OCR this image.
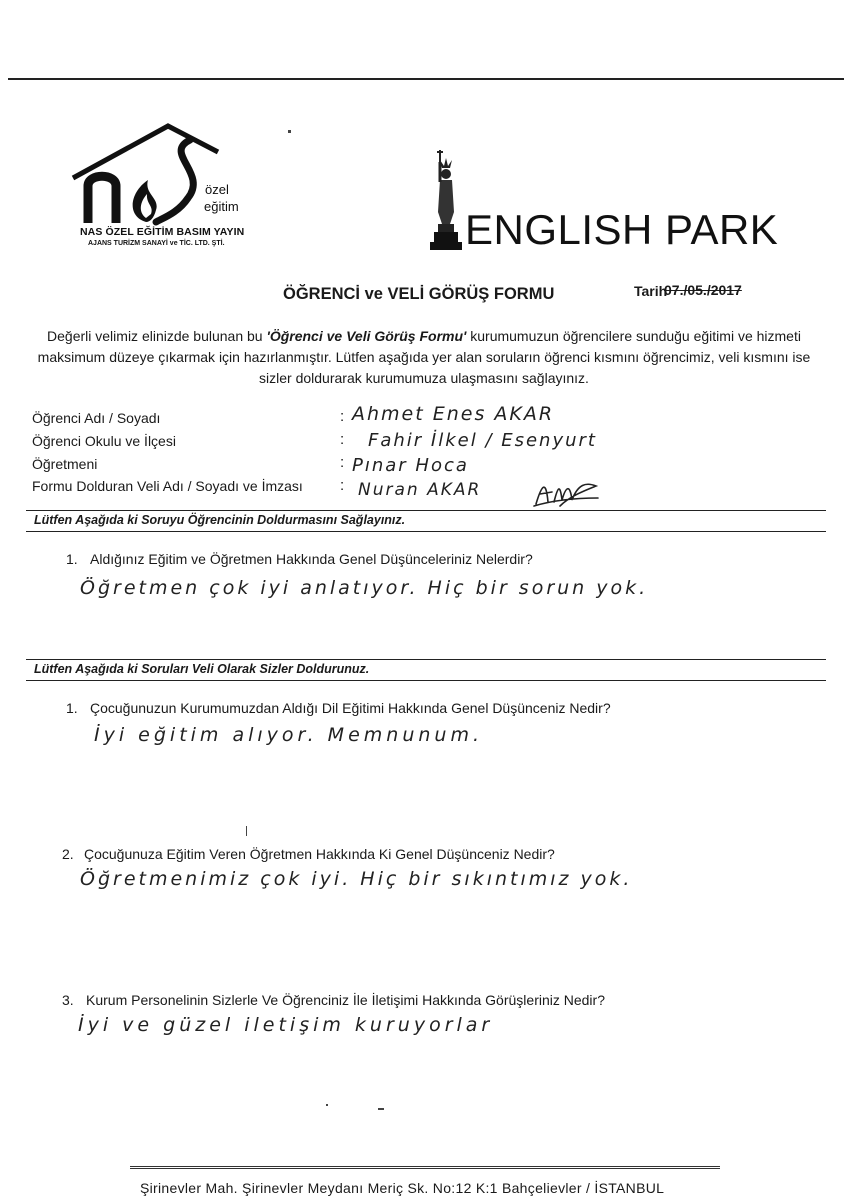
özel
eğitim
NAS ÖZEL EĞİTİM BASIM YAYIN
AJANS TURİZM SANAYİ ve TİC. LTD. ŞTİ.	ENGLISH PARK
ÖĞRENCİ ve VELİ GÖRÜŞ FORMU	Tarih
07./05./2017
Değerli velimiz elinizde bulunan bu 'Öğrenci ve Veli Görüş Formu' kurumumuzun öğrencilere sunduğu eğitimi ve hizmeti maksimum düzeye çıkarmak için hazırlanmıştır. Lütfen aşağıda yer alan soruların öğrenci kısmını öğrencimiz, veli kısmını ise sizler doldurarak kurumumuza ulaşmasını sağlayınız.
Öğrenci Adı / Soyadı
Öğrenci Okulu ve İlçesi
Öğretmeni
Formu Dolduran Veli Adı / Soyadı ve İmzası
:
:
:
:
Ahmet Enes AKAR
Fahir İlkel / Esenyurt
Pınar Hoca
Nuran AKAR
Lütfen Aşağıda ki Soruyu Öğrencinin Doldurmasını Sağlayınız.
1. Aldığınız Eğitim ve Öğretmen Hakkında Genel Düşünceleriniz Nelerdir?
Öğretmen çok iyi anlatıyor. Hiç bir sorun yok.
Lütfen Aşağıda ki Soruları Veli Olarak Sizler Doldurunuz.
1. Çocuğunuzun Kurumumuzdan Aldığı Dil Eğitimi Hakkında Genel Düşünceniz Nedir?
İyi eğitim alıyor. Memnunum.
2. Çocuğunuza Eğitim Veren Öğretmen Hakkında Ki Genel Düşünceniz Nedir?
Öğretmenimiz çok iyi. Hiç bir sıkıntımız yok.
3. Kurum Personelinin Sizlerle Ve Öğrenciniz İle İletişimi Hakkında Görüşleriniz Nedir?
İyi ve güzel iletişim kuruyorlar
Şirinevler Mah. Şirinevler Meydanı Meriç Sk. No:12 K:1 Bahçelievler / İSTANBUL
